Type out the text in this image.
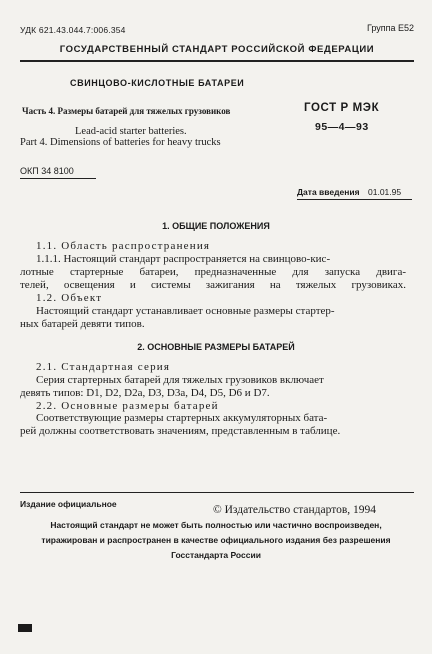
УДК 621.43.044.7:006.354	Группа Е52
ГОСУДАРСТВЕННЫЙ СТАНДАРТ РОССИЙСКОЙ ФЕДЕРАЦИИ
СВИНЦОВО-КИСЛОТНЫЕ БАТАРЕИ
Часть 4. Размеры батарей для тяжелых грузовиков
Lead-acid starter batteries.
Part 4. Dimensions of batteries for heavy trucks
ГОСТ Р МЭК
95—4—93
ОКП 34 8100
Дата введения 01.01.95
1. ОБЩИЕ ПОЛОЖЕНИЯ
1.1. Область распространения
1.1.1. Настоящий стандарт распространяется на свинцово-кис-
лотные стартерные батареи, предназначенные для запуска двига-
телей, освещения и системы зажигания на тяжелых грузовиках.
1.2. Объект
Настоящий стандарт устанавливает основные размеры стартер-
ных батарей девяти типов.
2. ОСНОВНЫЕ РАЗМЕРЫ БАТАРЕЙ
2.1. Стандартная серия
Серия стартерных батарей для тяжелых грузовиков включает
девять типов: D1, D2, D2a, D3, D3a, D4, D5, D6 и D7.
2.2. Основные размеры батарей
Соответствующие размеры стартерных аккумуляторных бата-
рей должны соответствовать значениям, представленным в таблице.
Издание официальное	© Издательство стандартов, 1994
Настоящий стандарт не может быть полностью или частично воспроизведен,
тиражирован и распространен в качестве официального издания без разрешения
Госстандарта России
